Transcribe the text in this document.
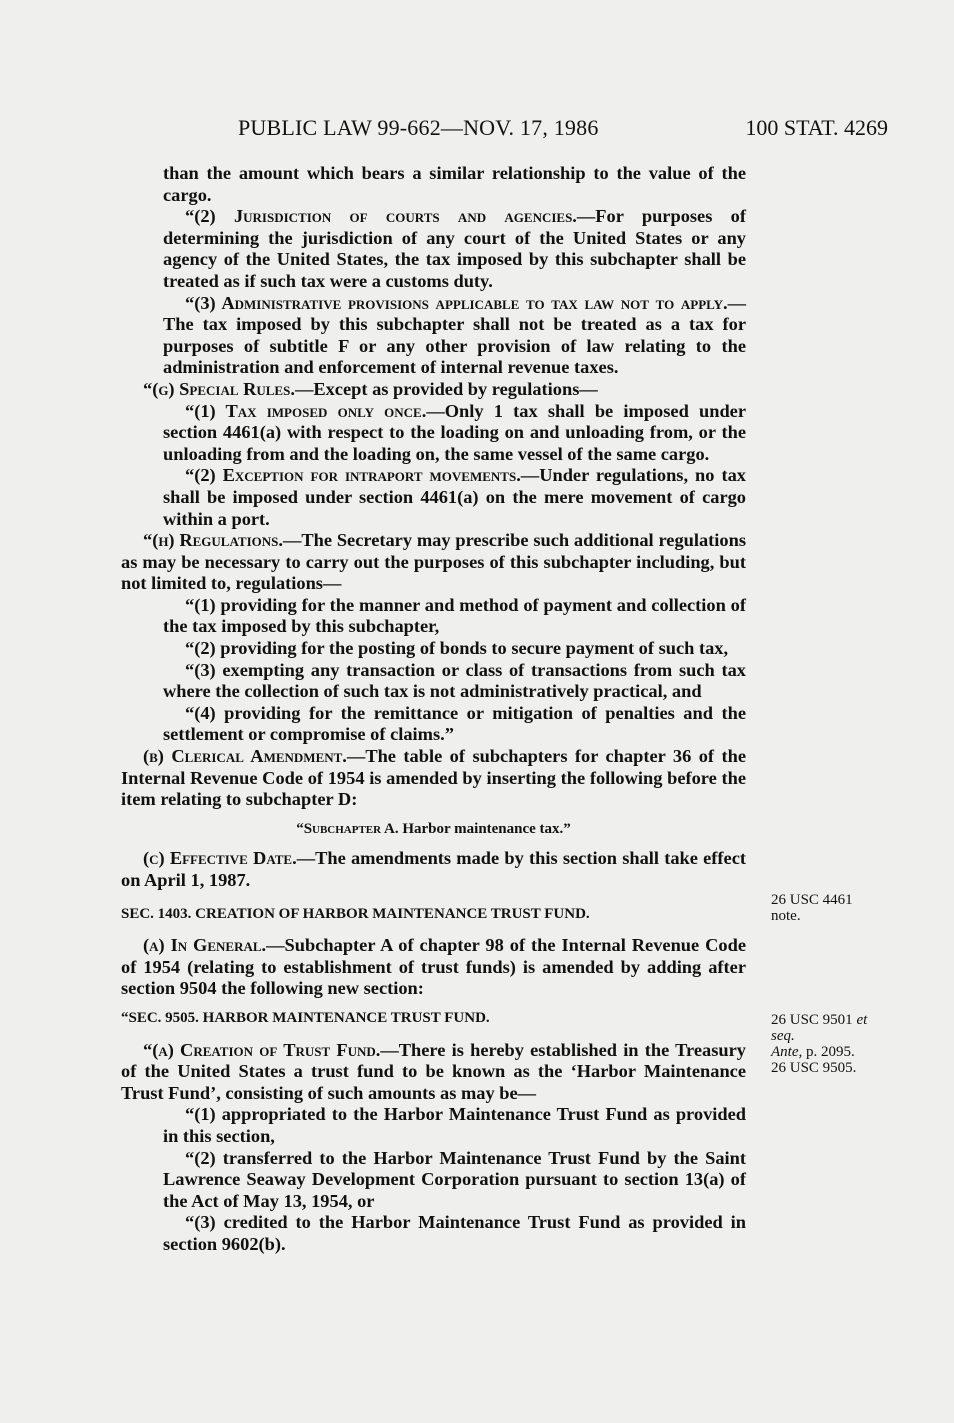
PUBLIC LAW 99-662—NOV. 17, 1986	100 STAT. 4269

than the amount which bears a similar relationship to the value of the cargo.

“(2) Jurisdiction of courts and agencies.—For purposes of determining the jurisdiction of any court of the United States or any agency of the United States, the tax imposed by this subchapter shall be treated as if such tax were a customs duty.

“(3) Administrative provisions applicable to tax law not to apply.—The tax imposed by this subchapter shall not be treated as a tax for purposes of subtitle F or any other provision of law relating to the administration and enforcement of internal revenue taxes.

“(g) Special Rules.—Except as provided by regulations—

“(1) Tax imposed only once.—Only 1 tax shall be imposed under section 4461(a) with respect to the loading on and unloading from, or the unloading from and the loading on, the same vessel of the same cargo.

“(2) Exception for intraport movements.—Under regulations, no tax shall be imposed under section 4461(a) on the mere movement of cargo within a port.

“(h) Regulations.—The Secretary may prescribe such additional regulations as may be necessary to carry out the purposes of this subchapter including, but not limited to, regulations—

“(1) providing for the manner and method of payment and collection of the tax imposed by this subchapter,

“(2) providing for the posting of bonds to secure payment of such tax,

“(3) exempting any transaction or class of transactions from such tax where the collection of such tax is not administratively practical, and

“(4) providing for the remittance or mitigation of penalties and the settlement or compromise of claims.”

(b) Clerical Amendment.—The table of subchapters for chapter 36 of the Internal Revenue Code of 1954 is amended by inserting the following before the item relating to subchapter D:

“Subchapter A. Harbor maintenance tax.”

(c) Effective Date.—The amendments made by this section shall take effect on April 1, 1987.

SEC. 1403. CREATION OF HARBOR MAINTENANCE TRUST FUND.

(a) In General.—Subchapter A of chapter 98 of the Internal Revenue Code of 1954 (relating to establishment of trust funds) is amended by adding after section 9504 the following new section:

“SEC. 9505. HARBOR MAINTENANCE TRUST FUND.

“(a) Creation of Trust Fund.—There is hereby established in the Treasury of the United States a trust fund to be known as the ‘Harbor Maintenance Trust Fund’, consisting of such amounts as may be—

“(1) appropriated to the Harbor Maintenance Trust Fund as provided in this section,

“(2) transferred to the Harbor Maintenance Trust Fund by the Saint Lawrence Seaway Development Corporation pursuant to section 13(a) of the Act of May 13, 1954, or

“(3) credited to the Harbor Maintenance Trust Fund as provided in section 9602(b).

26 USC 4461
note.
26 USC 9501 et
seq.
Ante, p. 2095.
26 USC 9505.
